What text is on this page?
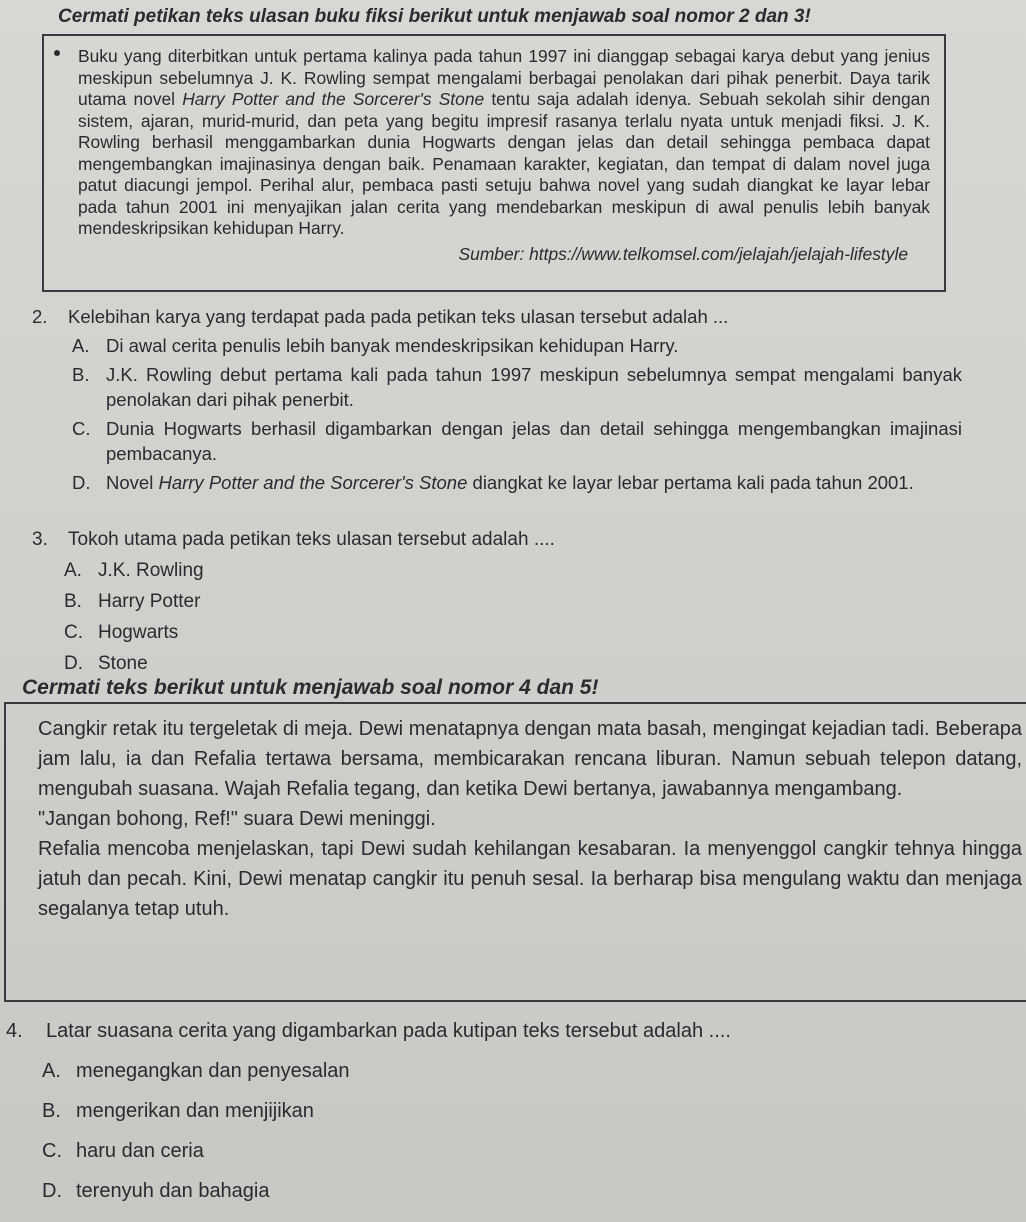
Cermati petikan teks ulasan buku fiksi berikut untuk menjawab soal nomor 2 dan 3!

Buku yang diterbitkan untuk pertama kalinya pada tahun 1997 ini dianggap sebagai karya debut yang jenius meskipun sebelumnya J. K. Rowling sempat mengalami berbagai penolakan dari pihak penerbit. Daya tarik utama novel Harry Potter and the Sorcerer's Stone tentu saja adalah idenya. Sebuah sekolah sihir dengan sistem, ajaran, murid-murid, dan peta yang begitu impresif rasanya terlalu nyata untuk menjadi fiksi. J. K. Rowling berhasil menggambarkan dunia Hogwarts dengan jelas dan detail sehingga pembaca dapat mengembangkan imajinasinya dengan baik. Penamaan karakter, kegiatan, dan tempat di dalam novel juga patut diacungi jempol. Perihal alur, pembaca pasti setuju bahwa novel yang sudah diangkat ke layar lebar pada tahun 2001 ini menyajikan jalan cerita yang mendebarkan meskipun di awal penulis lebih banyak mendeskripsikan kehidupan Harry.

Sumber: https://www.telkomsel.com/jelajah/jelajah-lifestyle
2.	Kelebihan karya yang terdapat pada pada petikan teks ulasan tersebut adalah ...
A. Di awal cerita penulis lebih banyak mendeskripsikan kehidupan Harry.
B. J.K. Rowling debut pertama kali pada tahun 1997 meskipun sebelumnya sempat mengalami banyak penolakan dari pihak penerbit.
C. Dunia Hogwarts berhasil digambarkan dengan jelas dan detail sehingga mengembangkan imajinasi pembacanya.
D. Novel Harry Potter and the Sorcerer's Stone diangkat ke layar lebar pertama kali pada tahun 2001.
3.	Tokoh utama pada petikan teks ulasan tersebut adalah ....
A. J.K. Rowling
B. Harry Potter
C. Hogwarts
D. Stone
Cermati teks berikut untuk menjawab soal nomor 4 dan 5!

Cangkir retak itu tergeletak di meja. Dewi menatapnya dengan mata basah, mengingat kejadian tadi. Beberapa jam lalu, ia dan Refalia tertawa bersama, membicarakan rencana liburan. Namun sebuah telepon datang, mengubah suasana. Wajah Refalia tegang, dan ketika Dewi bertanya, jawabannya mengambang.

"Jangan bohong, Ref!" suara Dewi meninggi.

Refalia mencoba menjelaskan, tapi Dewi sudah kehilangan kesabaran. Ia menyenggol cangkir tehnya hingga jatuh dan pecah. Kini, Dewi menatap cangkir itu penuh sesal. Ia berharap bisa mengulang waktu dan menjaga segalanya tetap utuh.

4.	Latar suasana cerita yang digambarkan pada kutipan teks tersebut adalah ....
A. menegangkan dan penyesalan
B. mengerikan dan menjijikan
C. haru dan ceria
D. terenyuh dan bahagia
